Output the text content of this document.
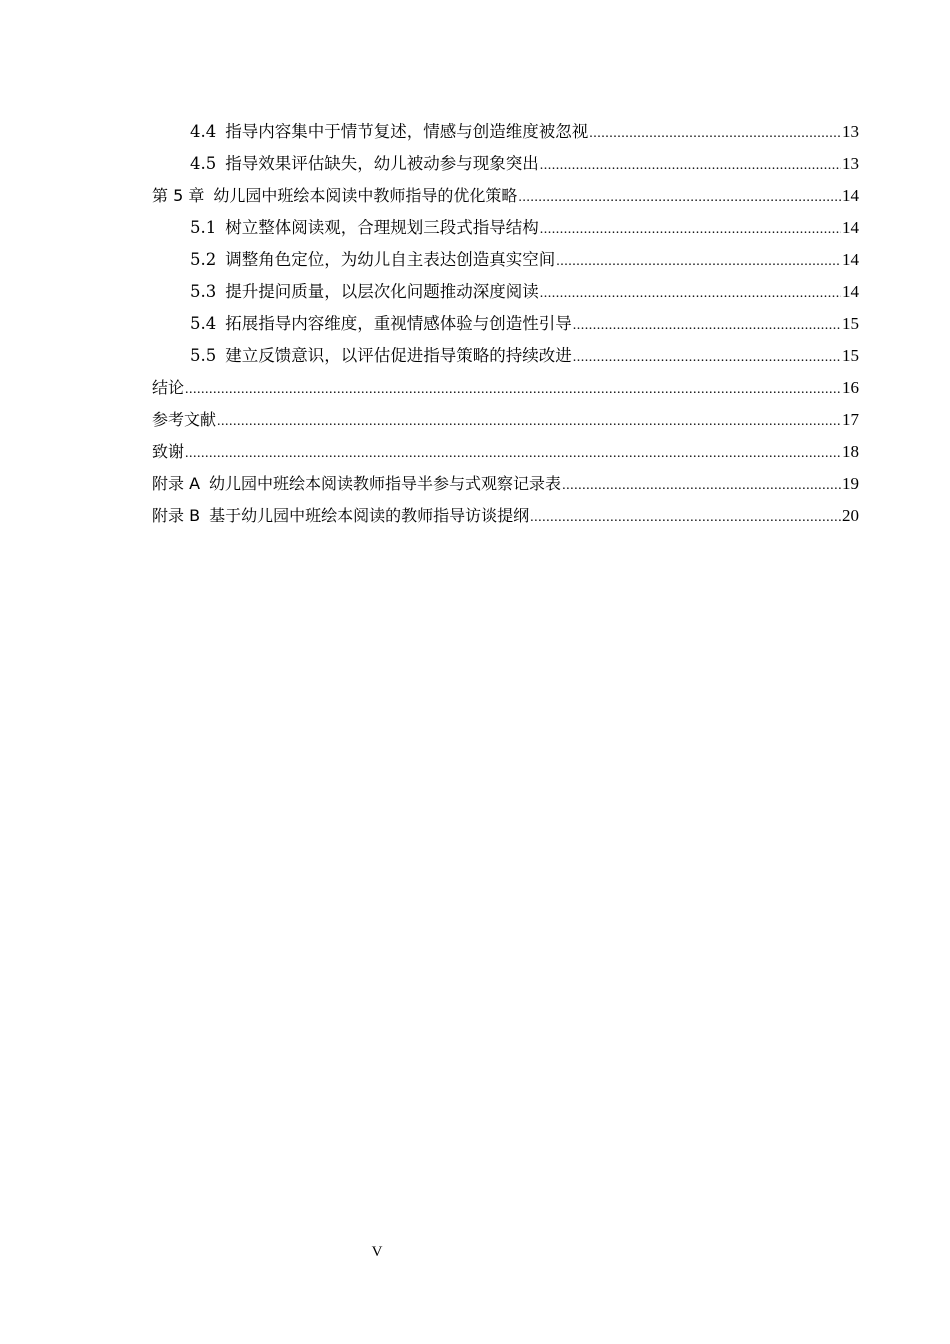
4.4 指导内容集中于情节复述，情感与创造维度被忽视 .....	13
4.5 指导效果评估缺失，幼儿被动参与现象突出 .....	13
第 5 章 幼儿园中班绘本阅读中教师指导的优化策略 .....	14
5.1 树立整体阅读观，合理规划三段式指导结构 .....	14
5.2 调整角色定位，为幼儿自主表达创造真实空间 .....	14
5.3 提升提问质量，以层次化问题推动深度阅读 .....	14
5.4 拓展指导内容维度，重视情感体验与创造性引导 .....	15
5.5 建立反馈意识，以评估促进指导策略的持续改进 .....	15
结论 .....	16
参考文献 .....	17
致谢 .....	18
附录 A 幼儿园中班绘本阅读教师指导半参与式观察记录表 .....	19
附录 B 基于幼儿园中班绘本阅读的教师指导访谈提纲 .....	20
V
